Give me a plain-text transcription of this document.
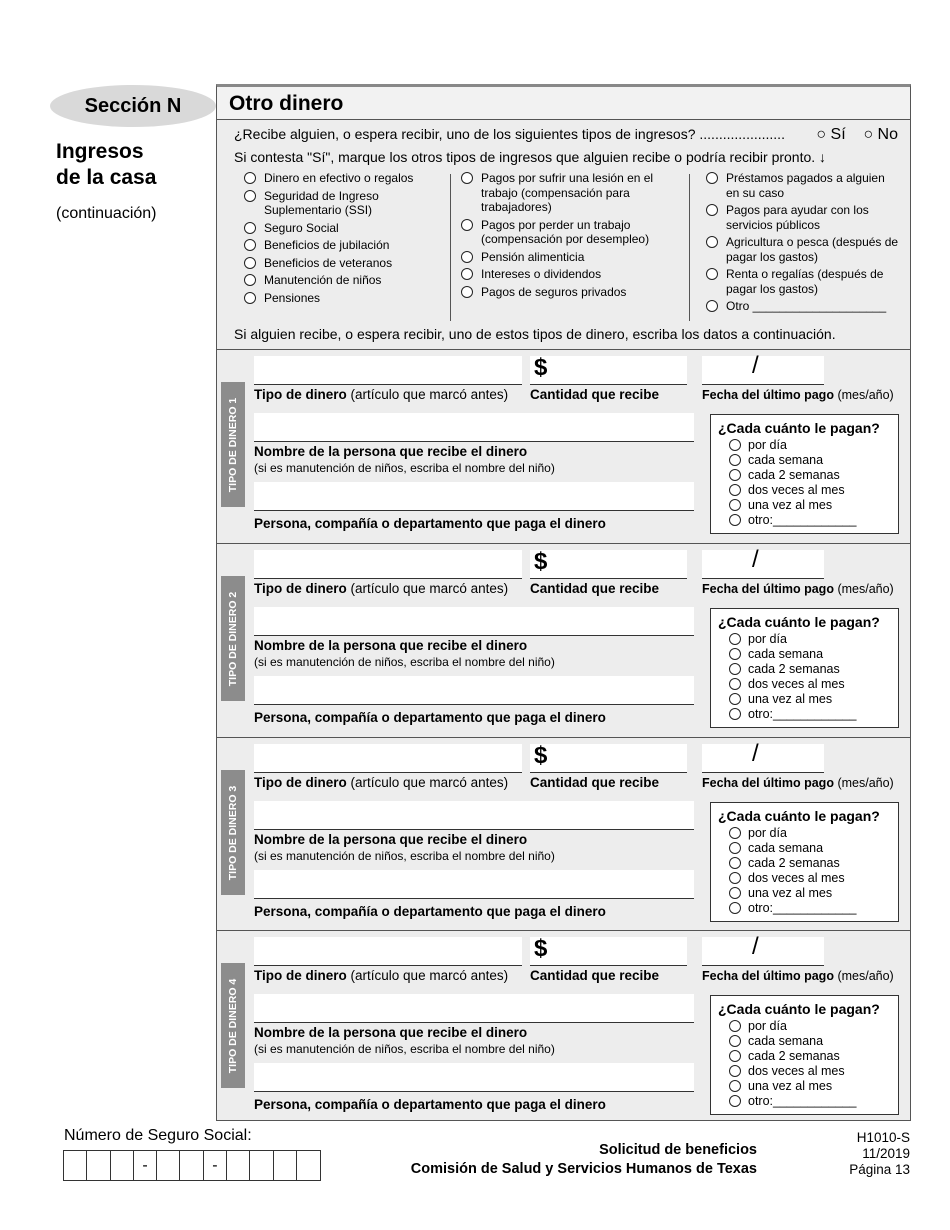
Sección N
Ingresos
de la casa
(continuación)
Otro dinero
¿Recibe alguien, o espera recibir, uno de los siguientes tipos de ingresos? ...................... ○ Sí ○ No
Si contesta "Sí", marque los otros tipos de ingresos que alguien recibe o podría recibir pronto. ↓
Dinero en efectivo o regalos
Seguridad de Ingreso Suplementario (SSI)
Seguro Social
Beneficios de jubilación
Beneficios de veteranos
Manutención de niños
Pensiones
Pagos por sufrir una lesión en el trabajo (compensación para trabajadores)
Pagos por perder un trabajo (compensación por desempleo)
Pensión alimenticia
Intereses o dividendos
Pagos de seguros privados
Préstamos pagados a alguien en su caso
Pagos para ayudar con los servicios públicos
Agricultura o pesca (después de pagar los gastos)
Renta o regalías (después de pagar los gastos)
Otro ____________________
Si alguien recibe, o espera recibir, uno de estos tipos de dinero, escriba los datos a continuación.
TIPO DE DINERO 1
$	/
Tipo de dinero (artículo que marcó antes) Cantidad que recibe	Fecha del último pago (mes/año)
Nombre de la persona que recibe el dinero
(si es manutención de niños, escriba el nombre del niño)
Persona, compañía o departamento que paga el dinero
¿Cada cuánto le pagan?
por día
cada semana
cada 2 semanas
dos veces al mes
una vez al mes
otro:____________
TIPO DE DINERO 2
$	/
Tipo de dinero (artículo que marcó antes) Cantidad que recibe	Fecha del último pago (mes/año)
Nombre de la persona que recibe el dinero
(si es manutención de niños, escriba el nombre del niño)
Persona, compañía o departamento que paga el dinero
¿Cada cuánto le pagan?
por día
cada semana
cada 2 semanas
dos veces al mes
una vez al mes
otro:____________
TIPO DE DINERO 3
$	/
Tipo de dinero (artículo que marcó antes) Cantidad que recibe	Fecha del último pago (mes/año)
Nombre de la persona que recibe el dinero
(si es manutención de niños, escriba el nombre del niño)
Persona, compañía o departamento que paga el dinero
¿Cada cuánto le pagan?
por día
cada semana
cada 2 semanas
dos veces al mes
una vez al mes
otro:____________
TIPO DE DINERO 4
$	/
Tipo de dinero (artículo que marcó antes) Cantidad que recibe	Fecha del último pago (mes/año)
Nombre de la persona que recibe el dinero
(si es manutención de niños, escriba el nombre del niño)
Persona, compañía o departamento que paga el dinero
¿Cada cuánto le pagan?
por día
cada semana
cada 2 semanas
dos veces al mes
una vez al mes
otro:____________
Número de Seguro Social:
-	-
Solicitud de beneficios
Comisión de Salud y Servicios Humanos de Texas
H1010-S
11/2019
Página 13
